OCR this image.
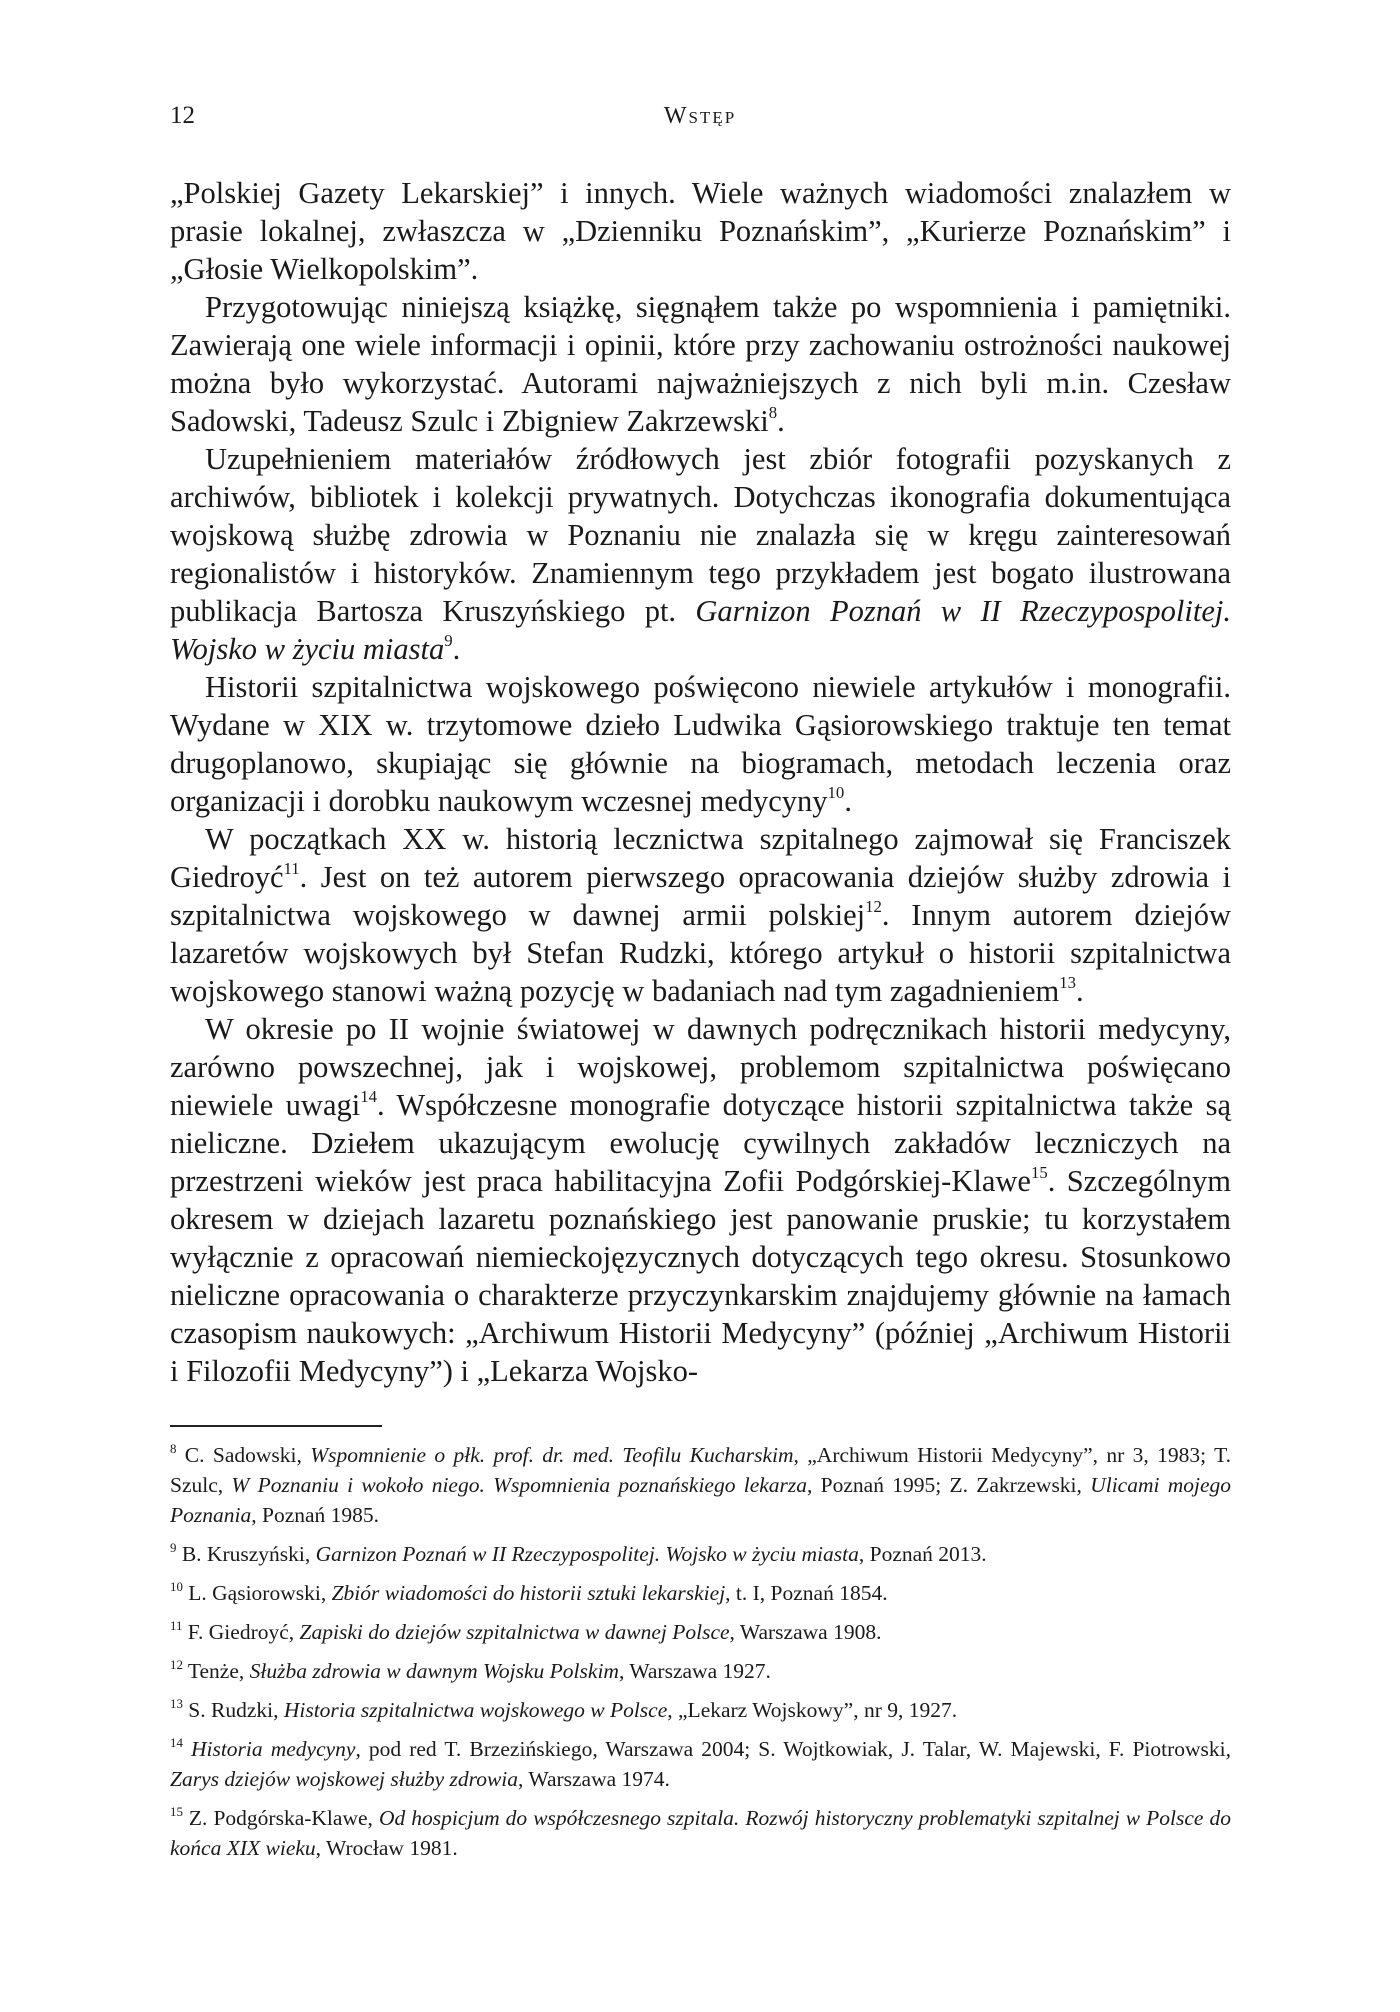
12	Wstęp

„Polskiej Gazety Lekarskiej” i innych. Wiele ważnych wiadomości znalazłem w prasie lokalnej, zwłaszcza w „Dzienniku Poznańskim”, „Kurierze Poznańskim” i „Głosie Wielkopolskim”.

Przygotowując niniejszą książkę, sięgnąłem także po wspomnienia i pamiętniki. Zawierają one wiele informacji i opinii, które przy zachowaniu ostrożności naukowej można było wykorzystać. Autorami najważniejszych z nich byli m.in. Czesław Sadowski, Tadeusz Szulc i Zbigniew Zakrzewski$^8$.

Uzupełnieniem materiałów źródłowych jest zbiór fotografii pozyskanych z archiwów, bibliotek i kolekcji prywatnych. Dotychczas ikonografia dokumentująca wojskową służbę zdrowia w Poznaniu nie znalazła się w kręgu zainteresowań regionalistów i historyków. Znamiennym tego przykładem jest bogato ilustrowana publikacja Bartosza Kruszyńskiego pt. Garnizon Poznań w II Rzeczypospolitej. Wojsko w życiu miasta$^9$.

Historii szpitalnictwa wojskowego poświęcono niewiele artykułów i monografii. Wydane w XIX w. trzytomowe dzieło Ludwika Gąsiorowskiego traktuje ten temat drugoplanowo, skupiając się głównie na biogramach, metodach leczenia oraz organizacji i dorobku naukowym wczesnej medycyny$^{10}$.

W początkach XX w. historią lecznictwa szpitalnego zajmował się Franciszek Giedroyć$^{11}$. Jest on też autorem pierwszego opracowania dziejów służby zdrowia i szpitalnictwa wojskowego w dawnej armii polskiej$^{12}$. Innym autorem dziejów lazaretów wojskowych był Stefan Rudzki, którego artykuł o historii szpitalnictwa wojskowego stanowi ważną pozycję w badaniach nad tym zagadnieniem$^{13}$.

W okresie po II wojnie światowej w dawnych podręcznikach historii medycyny, zarówno powszechnej, jak i wojskowej, problemom szpitalnictwa poświęcano niewiele uwagi$^{14}$. Współczesne monografie dotyczące historii szpitalnictwa także są nieliczne. Dziełem ukazującym ewolucję cywilnych zakładów leczniczych na przestrzeni wieków jest praca habilitacyjna Zofii Podgórskiej-Klawe$^{15}$. Szczególnym okresem w dziejach lazaretu poznańskiego jest panowanie pruskie; tu korzystałem wyłącznie z opracowań niemieckojęzycznych dotyczących tego okresu. Stosunkowo nieliczne opracowania o charakterze przyczynkarskim znajdujemy głównie na łamach czasopism naukowych: „Archiwum Historii Medycyny” (później „Archiwum Historii i Filozofii Medycyny”) i „Lekarza Wojsko-

$^8$ C. Sadowski, Wspomnienie o płk. prof. dr. med. Teofilu Kucharskim, „Archiwum Historii Medycyny”, nr 3, 1983; T. Szulc, W Poznaniu i wokoło niego. Wspomnienia poznańskiego lekarza, Poznań 1995; Z. Zakrzewski, Ulicami mojego Poznania, Poznań 1985.

$^9$ B. Kruszyński, Garnizon Poznań w II Rzeczypospolitej. Wojsko w życiu miasta, Poznań 2013.

$^{10}$ L. Gąsiorowski, Zbiór wiadomości do historii sztuki lekarskiej, t. I, Poznań 1854.

$^{11}$ F. Giedroyć, Zapiski do dziejów szpitalnictwa w dawnej Polsce, Warszawa 1908.

$^{12}$ Tenże, Służba zdrowia w dawnym Wojsku Polskim, Warszawa 1927.

$^{13}$ S. Rudzki, Historia szpitalnictwa wojskowego w Polsce, „Lekarz Wojskowy”, nr 9, 1927.

$^{14}$ Historia medycyny, pod red T. Brzezińskiego, Warszawa 2004; S. Wojtkowiak, J. Talar, W. Majewski, F. Piotrowski, Zarys dziejów wojskowej służby zdrowia, Warszawa 1974.

$^{15}$ Z. Podgórska-Klawe, Od hospicjum do współczesnego szpitala. Rozwój historyczny problematyki szpitalnej w Polsce do końca XIX wieku, Wrocław 1981.
